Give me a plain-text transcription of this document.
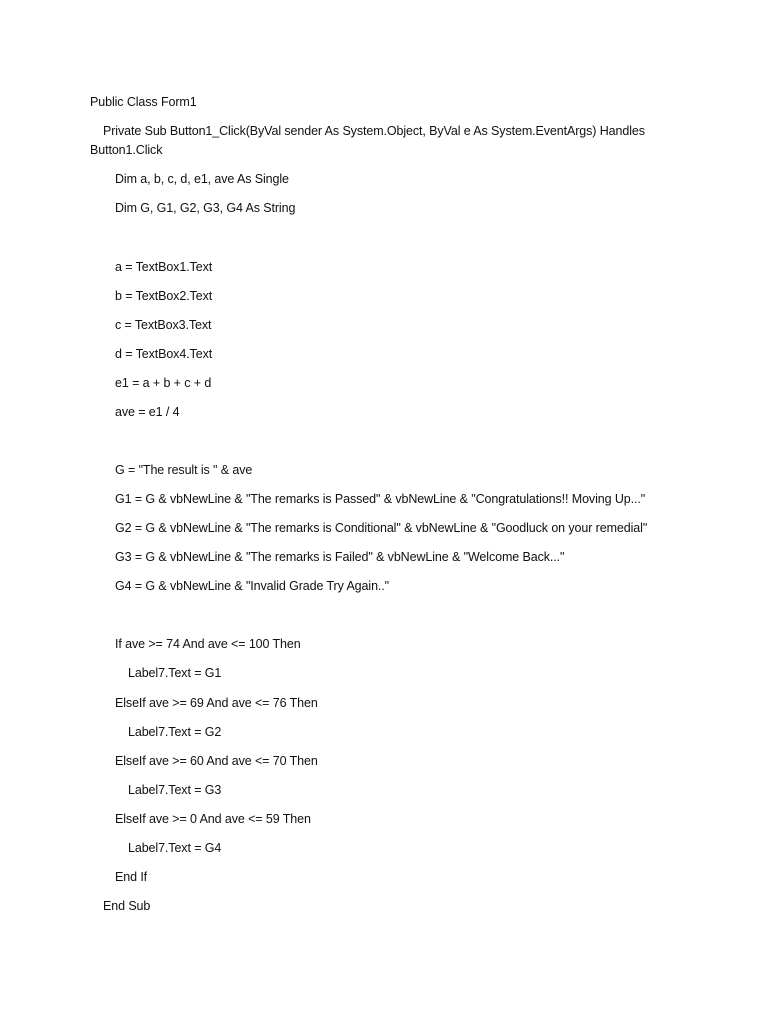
Public Class Form1
Private Sub Button1_Click(ByVal sender As System.Object, ByVal e As System.EventArgs) Handles
Button1.Click
Dim a, b, c, d, e1, ave As Single
Dim G, G1, G2, G3, G4 As String
a = TextBox1.Text
b = TextBox2.Text
c = TextBox3.Text
d = TextBox4.Text
e1 = a + b + c + d
ave = e1 / 4
G = "The result is " & ave
G1 = G & vbNewLine & "The remarks is Passed" & vbNewLine & "Congratulations!! Moving Up..."
G2 = G & vbNewLine & "The remarks is Conditional" & vbNewLine & "Goodluck on your remedial"
G3 = G & vbNewLine & "The remarks is Failed" & vbNewLine & "Welcome Back..."
G4 = G & vbNewLine & "Invalid Grade Try Again.."
If ave >= 74 And ave <= 100 Then
Label7.Text = G1
ElseIf ave >= 69 And ave <= 76 Then
Label7.Text = G2
ElseIf ave >= 60 And ave <= 70 Then
Label7.Text = G3
ElseIf ave >= 0 And ave <= 59 Then
Label7.Text = G4
End If
End Sub
